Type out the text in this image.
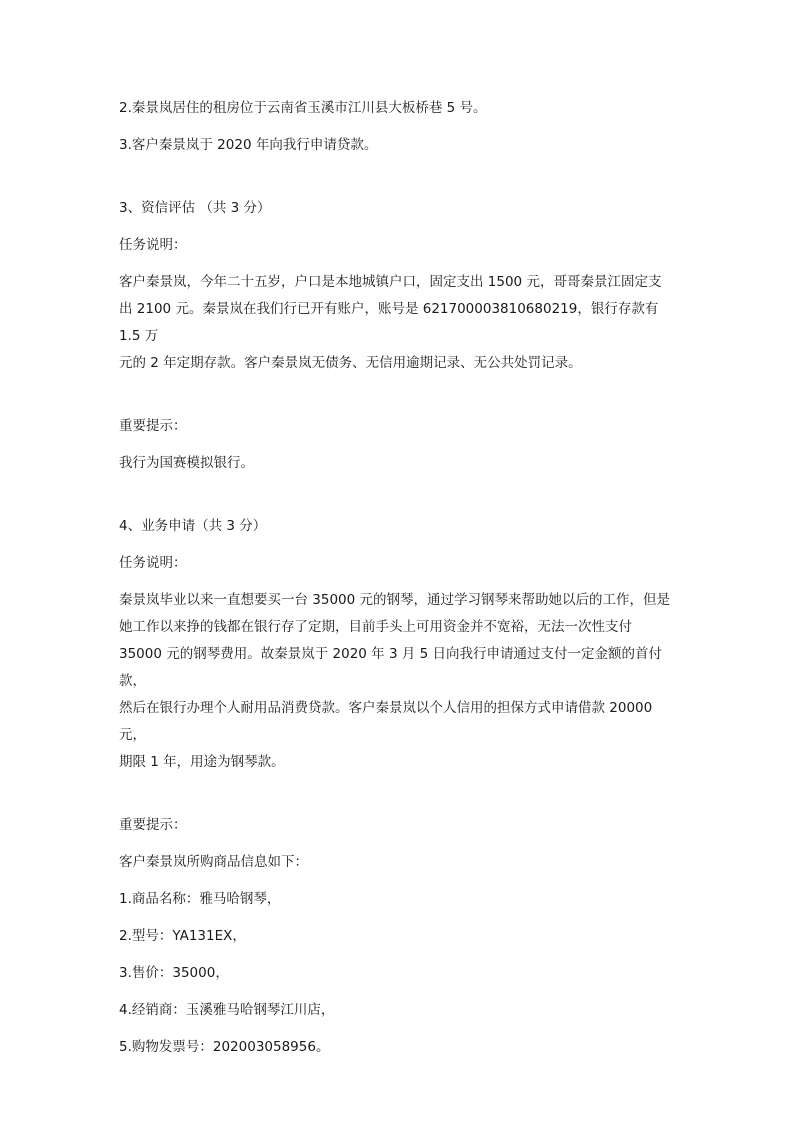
2.秦景岚居住的租房位于云南省玉溪市江川县大板桥巷 5 号。

3.客户秦景岚于 2020 年向我行申请贷款。

3、资信评估 （共 3 分）

任务说明：

客户秦景岚，今年二十五岁，户口是本地城镇户口，固定支出 1500 元，哥哥秦景江固定支

出 2100 元。秦景岚在我们行已开有账户，账号是 6217000038106802​19，银行存款有 1.5 万

元的 2 年定期存款。客户秦景岚无债务、无信用逾期记录、无公共处罚记录。

重要提示：

我行为国赛模拟银行。

4、业务申请（共 3 分）

任务说明：

秦景岚毕业以来一直想要买一台 35000 元的钢琴，通过学习钢琴来帮助她以后的工作，但是

她工作以来挣的钱都在银行存了定期，目前手头上可用资金并不宽裕，无法一次性支付

35000 元的钢琴费用。故秦景岚于 2020 年 3 月 5 日向我行申请通过支付一定金额的首付款，

然后在银行办理个人耐用品消费贷款。客户秦景岚以个人信用的担保方式申请借款 20000 元，

期限 1 年，用途为钢琴款。

重要提示：

客户秦景岚所购商品信息如下：

1.商品名称：雅马哈钢琴，

2.型号：YA131EX，

3.售价：35000，

4.经销商：玉溪雅马哈钢琴江川店，

5.购物发票号：202003058956。
